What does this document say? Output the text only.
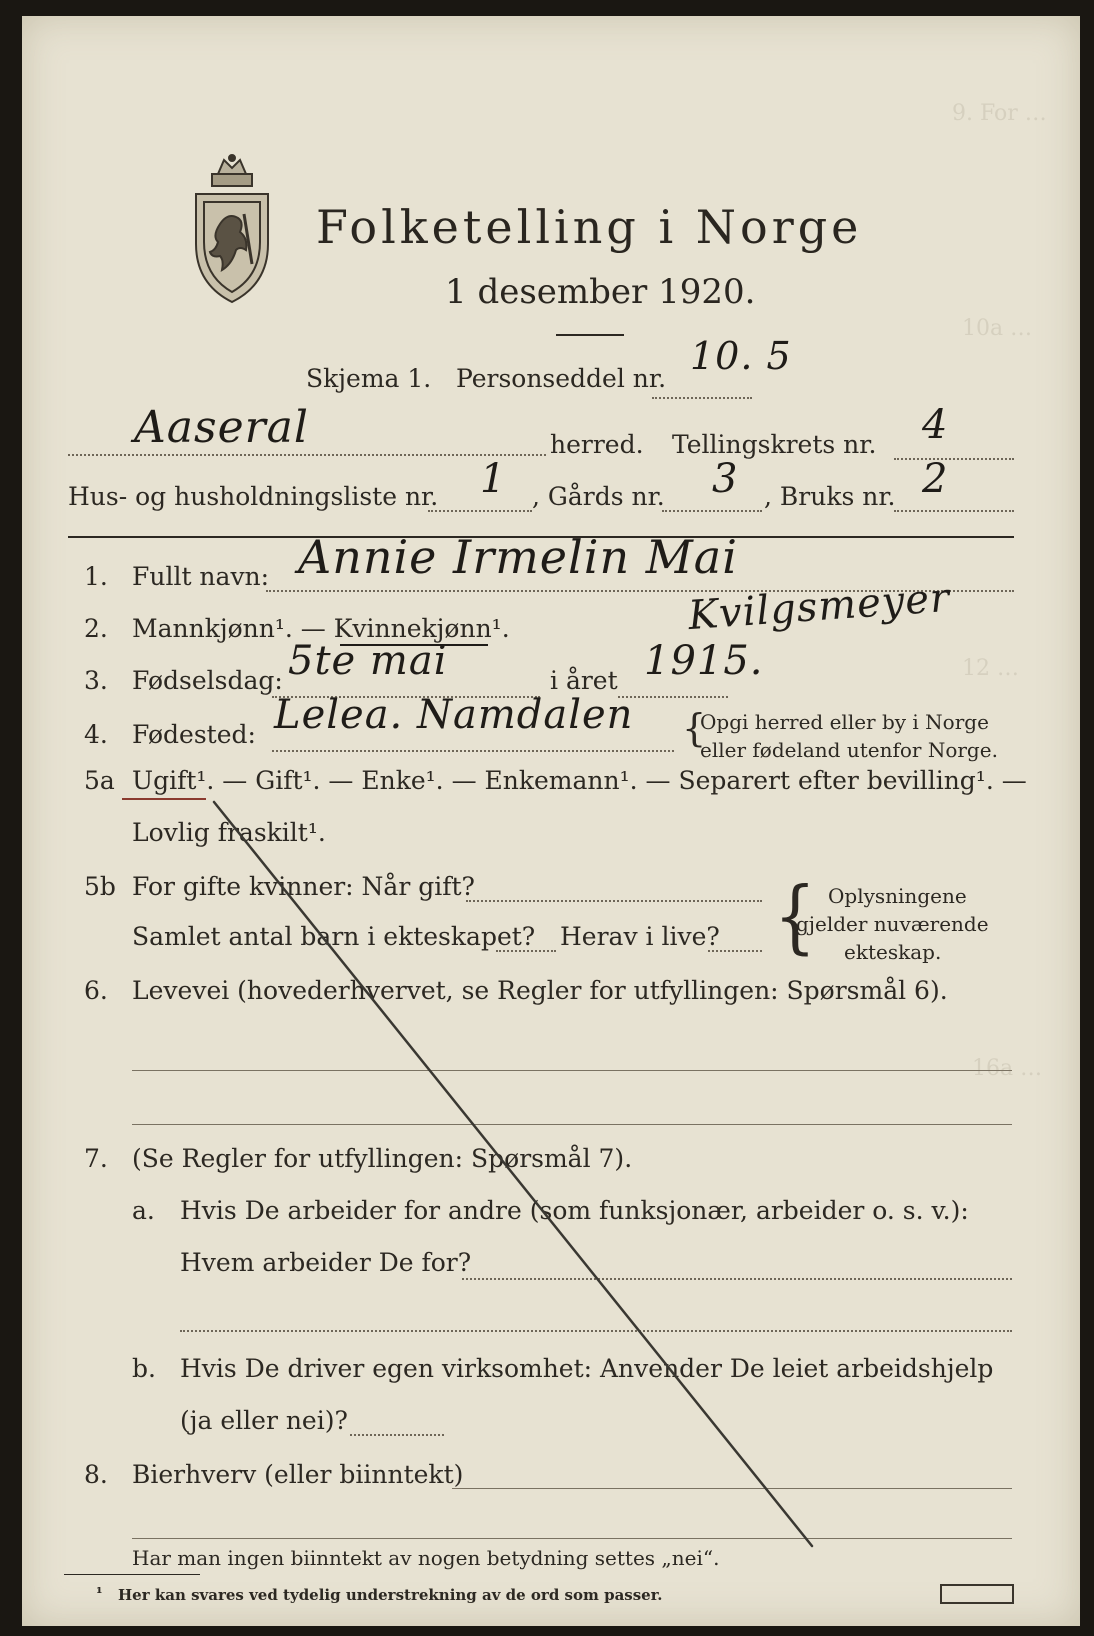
9. For …
10a …
12 …
16a …
Folketelling i Norge
1 desember 1920.
Skjema 1. Personseddel nr.
10. 5
Aaseral	herred. Tellingskrets nr. 4
Hus- og husholdningsliste nr. 1 , Gårds nr. 3 , Bruks nr. 2
1. Fullt navn: Annie Irmelin Mai
2. Mannkjønn¹. — Kvinnekjønn¹.	Kvilgsmeyer
3. Fødselsdag: 5te mai	i året 1915.
4. Fødested: Lelea. Namdalen {
Opgi herred eller by i Norge
eller fødeland utenfor Norge.
5a Ugift¹. — Gift¹. — Enke¹. — Enkemann¹. — Separert efter bevilling¹. —
Lovlig fraskilt¹.
5b For gifte kvinner: Når gift?
Samlet antal barn i ekteskapet? Herav i live? { Oplysningene
gjelder nuværende
ekteskap.
6. Levevei (hovederhvervet, se Regler for utfyllingen: Spørsmål 6).
7. (Se Regler for utfyllingen: Spørsmål 7).
a. Hvis De arbeider for andre (som funksjonær, arbeider o. s. v.):
Hvem arbeider De for?
b. Hvis De driver egen virksomhet: Anvender De leiet arbeidshjelp
(ja eller nei)?
8. Bierhverv (eller biinntekt)
Har man ingen biinntekt av nogen betydning settes „nei“.
¹ Her kan svares ved tydelig understrekning av de ord som passer.
